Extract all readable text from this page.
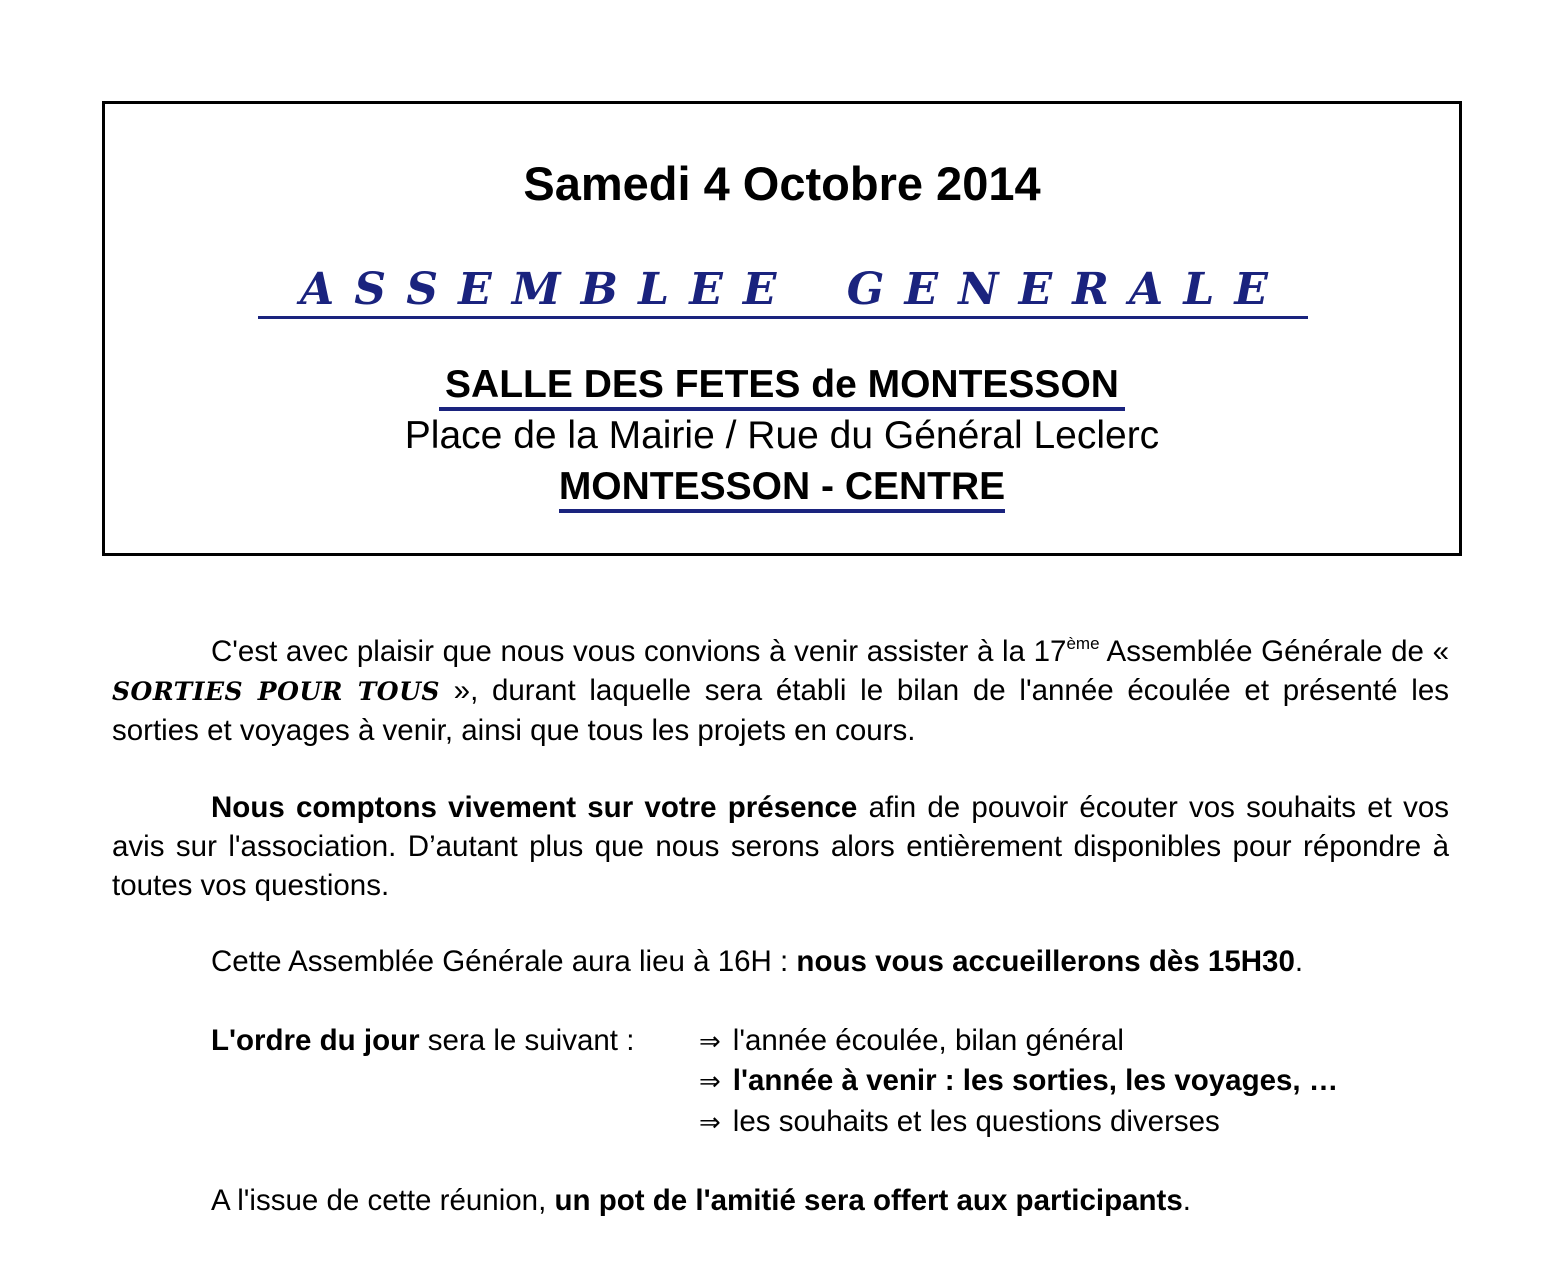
Samedi 4 Octobre 2014
A S S E M B L E E G E N E R A L E
SALLE DES FETES de MONTESSON
Place de la Mairie / Rue du Général Leclerc
MONTESSON - CENTRE
C'est avec plaisir que nous vous convions à venir assister à la 17ème Assemblée Générale de « SORTIES POUR TOUS », durant laquelle sera établi le bilan de l'année écoulée et présenté les sorties et voyages à venir, ainsi que tous les projets en cours.
Nous comptons vivement sur votre présence afin de pouvoir écouter vos souhaits et vos avis sur l'association. D’autant plus que nous serons alors entièrement disponibles pour répondre à toutes vos questions.
Cette Assemblée Générale aura lieu à 16H : nous vous accueillerons dès 15H30.
L'ordre du jour sera le suivant : ⇒ l'année écoulée, bilan général
⇒ l'année à venir : les sorties, les voyages, …
⇒ les souhaits et les questions diverses
A l'issue de cette réunion, un pot de l'amitié sera offert aux participants.
